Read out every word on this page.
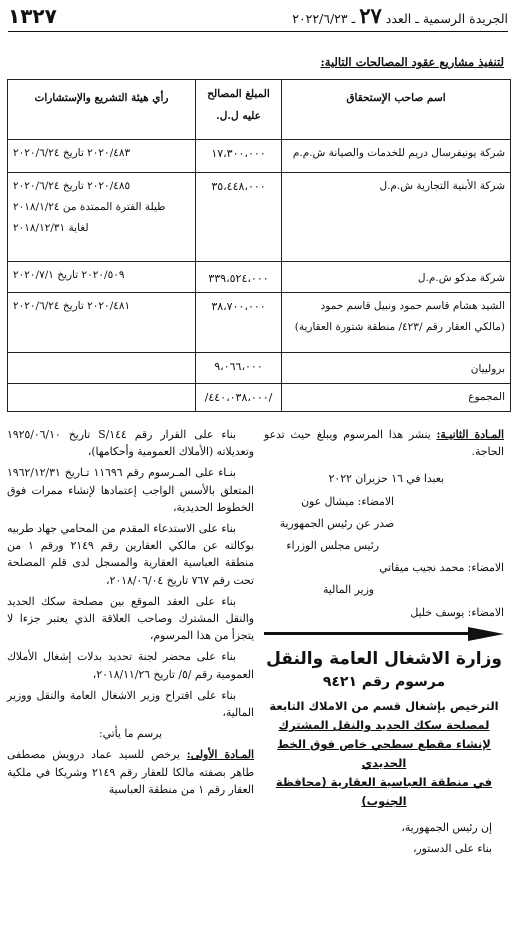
الجريدة الرسمية ـ العدد ٢٧ ـ ٢٠٢٢/٦/٢٣
١٣٢٧
لتنفيذ مشاريع عقود المصالحات التالية:
اسم صاحب الإستحقاق	المبلغ المصالح عليه ل.ل.	رأي هيئة التشريع والإستشارات
شركة يونيفرسال دريم للخدمات والصيانة ش.م.م	١٧،٣٠٠،٠٠٠	٢٠٢٠/٤٨٣ تاريخ ٢٠٢٠/٦/٢٤
شركة الأبنية التجارية ش.م.ل	٣٥،٤٤٨،٠٠٠	٢٠٢٠/٤٨٥ تاريخ ٢٠٢٠/٦/٢٤
طيلة الفترة الممتدة من ٢٠١٨/١/٢٤
لغاية ٢٠١٨/١٢/٣١

شركة مدكو ش.م.ل	٣٣٩،٥٢٤،٠٠٠	٢٠٢٠/٥٠٩ تاريخ ٢٠٢٠/٧/١

الشيد هشام قاسم حمود ونبيل قاسم حمود
(مالكي العقار رقم /٤٢٣/ منطقة شتورة العقارية)	٣٨،٧٠٠،٠٠٠	٢٠٢٠/٤٨١ تاريخ ٢٠٢٠/٦/٢٤
برولييان	٩،٠٦٦،٠٠٠	
المجموع	/٤٤٠،٠٣٨،٠٠٠/	

المـادة الثانيـة: ينشر هذا المرسوم ويبلغ حيث تدعو الحاجة.

بعبدا في ١٦ حزيران ٢٠٢٢

الامضاء: ميشال عون

صدر عن رئيس الجمهورية

رئيس مجلس الوزراء

الامضاء: محمد نجيب ميقاتي

وزير المالية

الامضاء: يوسف خليل

وزارة الاشغال العامة والنقل
مرسوم رقم ٩٤٢١
الترخيص بإشغال قسم من الاملاك التابعة
لمصلحة سكك الحديد والنقل المشترك
لإنشاء مقطع سطحي خاص فوق الخط الحديدي
في منطقة العباسية العقارية (محافظة الجنوب)

إن رئيس الجمهورية،

بناء على الدستور،

بناء على القرار رقم ١٤٤/S تاريخ ١٩٢٥/٠٦/١٠ وتعديلاته (الأملاك العمومية وأحكامها)،

بنـاء على المـرسوم رقم ١١٦٩٦ تـاريخ ١٩٦٢/١٢/٣١ المتعلق بالأسس الواجب إعتمادها لإنشاء ممرات فوق الخطوط الحديدية،

بناء على الاستدعاء المقدم من المحامي جهاد طربيه بوكالته عن مالكي العقارين رقم ٢١٤٩ ورقم ١ من منطقة العباسية العقارية والمسجل لدى قلم المصلحة تحت رقم ٧٦٧ تاريخ ٢٠١٨/٠٦/٠٤،

بناء على العقد الموقع بين مصلحة سكك الحديد والنقل المشترك وصاحب العلاقة الذي يعتبر جزءا لا يتجزأ من هذا المرسوم،

بناء على محضر لجنة تحديد بدلات إشغال الأملاك العمومية رقم /٥/ تاريخ ٢٠١٨/١١/٢٦،

بناء على اقتراح وزير الاشغال العامة والنقل ووزير المالية،

يرسم ما يأتي:

المـادة الأولى: يرخص للسيد عماد درويش مصطفى طاهر بصفته مالكا للعقار رقم ٢١٤٩ وشريكا في ملكية العقار رقم ١ من منطقة العباسية
